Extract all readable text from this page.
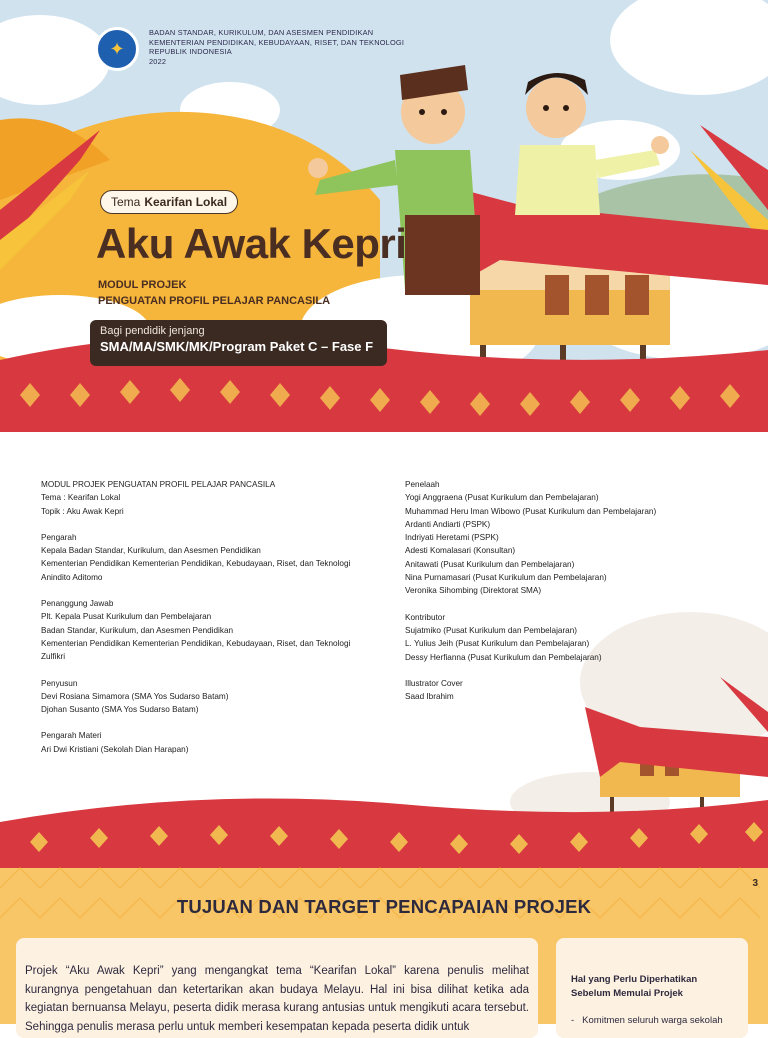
✦
BADAN STANDAR, KURIKULUM, DAN ASESMEN PENDIDIKAN
KEMENTERIAN PENDIDIKAN, KEBUDAYAAN, RISET, DAN TEKNOLOGI
REPUBLIK INDONESIA
2022
Tema Kearifan Lokal
Aku Awak Kepri
MODUL PROJEK
PENGUATAN PROFIL PELAJAR PANCASILA
Bagi pendidik jenjang
SMA/MA/SMK/MK/Program Paket C – Fase F
MODUL PROJEK PENGUATAN PROFIL PELAJAR PANCASILA
Tema : Kearifan Lokal
Topik : Aku Awak Kepri
Pengarah
Kepala Badan Standar, Kurikulum, dan Asesmen Pendidikan
Kementerian Pendidikan Kementerian Pendidikan, Kebudayaan, Riset, dan Teknologi
Anindito Aditomo
Penanggung Jawab
Plt. Kepala Pusat Kurikulum dan Pembelajaran
Badan Standar, Kurikulum, dan Asesmen Pendidikan
Kementerian Pendidikan Kementerian Pendidikan, Kebudayaan, Riset, dan Teknologi
Zulfikri
Penyusun
Devi Rosiana Simamora (SMA Yos Sudarso Batam)
Djohan Susanto (SMA Yos Sudarso Batam)
Pengarah Materi
Ari Dwi Kristiani (Sekolah Dian Harapan)
Penelaah
Yogi Anggraena (Pusat Kurikulum dan Pembelajaran)
Muhammad Heru Iman Wibowo (Pusat Kurikulum dan Pembelajaran)
Ardanti Andiarti (PSPK)
Indriyati Heretami (PSPK)
Adesti Komalasari (Konsultan)
Anitawati (Pusat Kurikulum dan Pembelajaran)
Nina Purnamasari (Pusat Kurikulum dan Pembelajaran)
Veronika Sihombing (Direktorat SMA)
Kontributor
Sujatmiko (Pusat Kurikulum dan Pembelajaran)
L. Yulius Jeih (Pusat Kurikulum dan Pembelajaran)
Dessy Herfianna (Pusat Kurikulum dan Pembelajaran)
Illustrator Cover
Saad Ibrahim
3
TUJUAN DAN TARGET PENCAPAIAN PROJEK

Projek “Aku Awak Kepri” yang mengangkat tema “Kearifan Lokal” karena penulis melihat kurangnya pengetahuan dan ketertarikan akan budaya Melayu. Hal ini bisa dilihat ketika ada kegiatan bernuansa Melayu, peserta didik merasa kurang antusias untuk mengikuti acara tersebut. Sehingga penulis merasa perlu untuk memberi kesempatan kepada peserta didik untuk

Hal yang Perlu Diperhatikan
Sebelum Memulai Projek
- Komitmen seluruh warga sekolah
